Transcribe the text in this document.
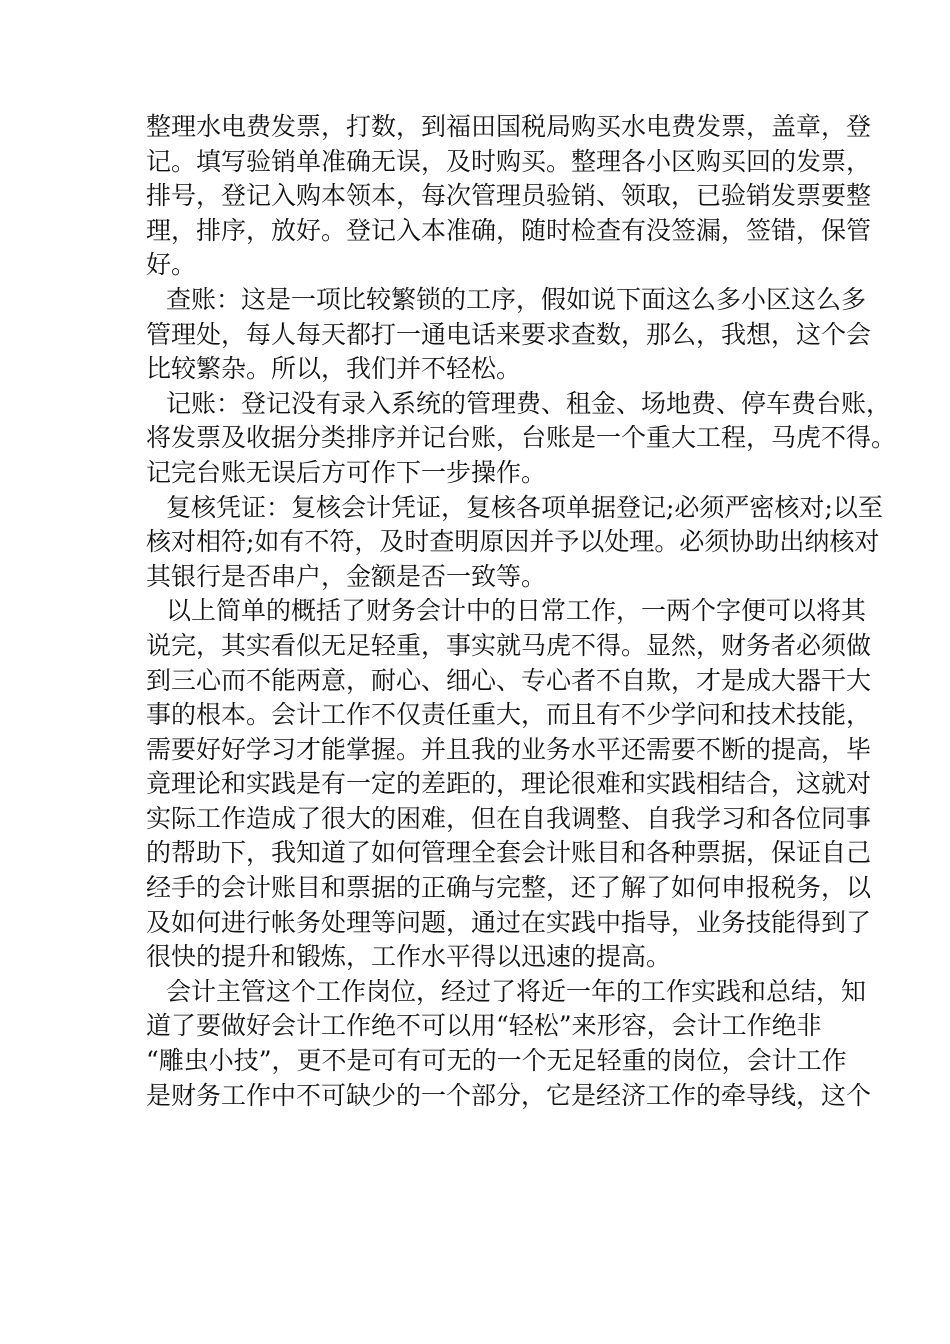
整理水电费发票，打数，到福田国税局购买水电费发票，盖章，登
记。填写验销单准确无误，及时购买。整理各小区购买回的发票，
排号，登记入购本领本，每次管理员验销、领取，已验销发票要整
理，排序，放好。登记入本准确，随时检查有没签漏，签错，保管
好。
查账：这是一项比较繁锁的工序，假如说下面这么多小区这么多
管理处，每人每天都打一通电话来要求查数，那么，我想，这个会
比较繁杂。所以，我们并不轻松。
记账：登记没有录入系统的管理费、租金、场地费、停车费台账，
将发票及收据分类排序并记台账，台账是一个重大工程，马虎不得。
记完台账无误后方可作下一步操作。
复核凭证：复核会计凭证，复核各项单据登记;必须严密核对;以至
核对相符;如有不符，及时查明原因并予以处理。必须协助出纳核对
其银行是否串户，金额是否一致等。
以上简单的概括了财务会计中的日常工作，一两个字便可以将其
说完，其实看似无足轻重，事实就马虎不得。显然，财务者必须做
到三心而不能两意，耐心、细心、专心者不自欺，才是成大器干大
事的根本。会计工作不仅责任重大，而且有不少学问和技术技能，
需要好好学习才能掌握。并且我的业务水平还需要不断的提高，毕
竟理论和实践是有一定的差距的，理论很难和实践相结合，这就对
实际工作造成了很大的困难，但在自我调整、自我学习和各位同事
的帮助下，我知道了如何管理全套会计账目和各种票据，保证自己
经手的会计账目和票据的正确与完整，还了解了如何申报税务，以
及如何进行帐务处理等问题，通过在实践中指导，业务技能得到了
很快的提升和锻炼，工作水平得以迅速的提高。
会计主管这个工作岗位，经过了将近一年的工作实践和总结，知
道了要做好会计工作绝不可以用“轻松”来形容，会计工作绝非
“雕虫小技”，更不是可有可无的一个无足轻重的岗位，会计工作
是财务工作中不可缺少的一个部分，它是经济工作的牵导线，这个
